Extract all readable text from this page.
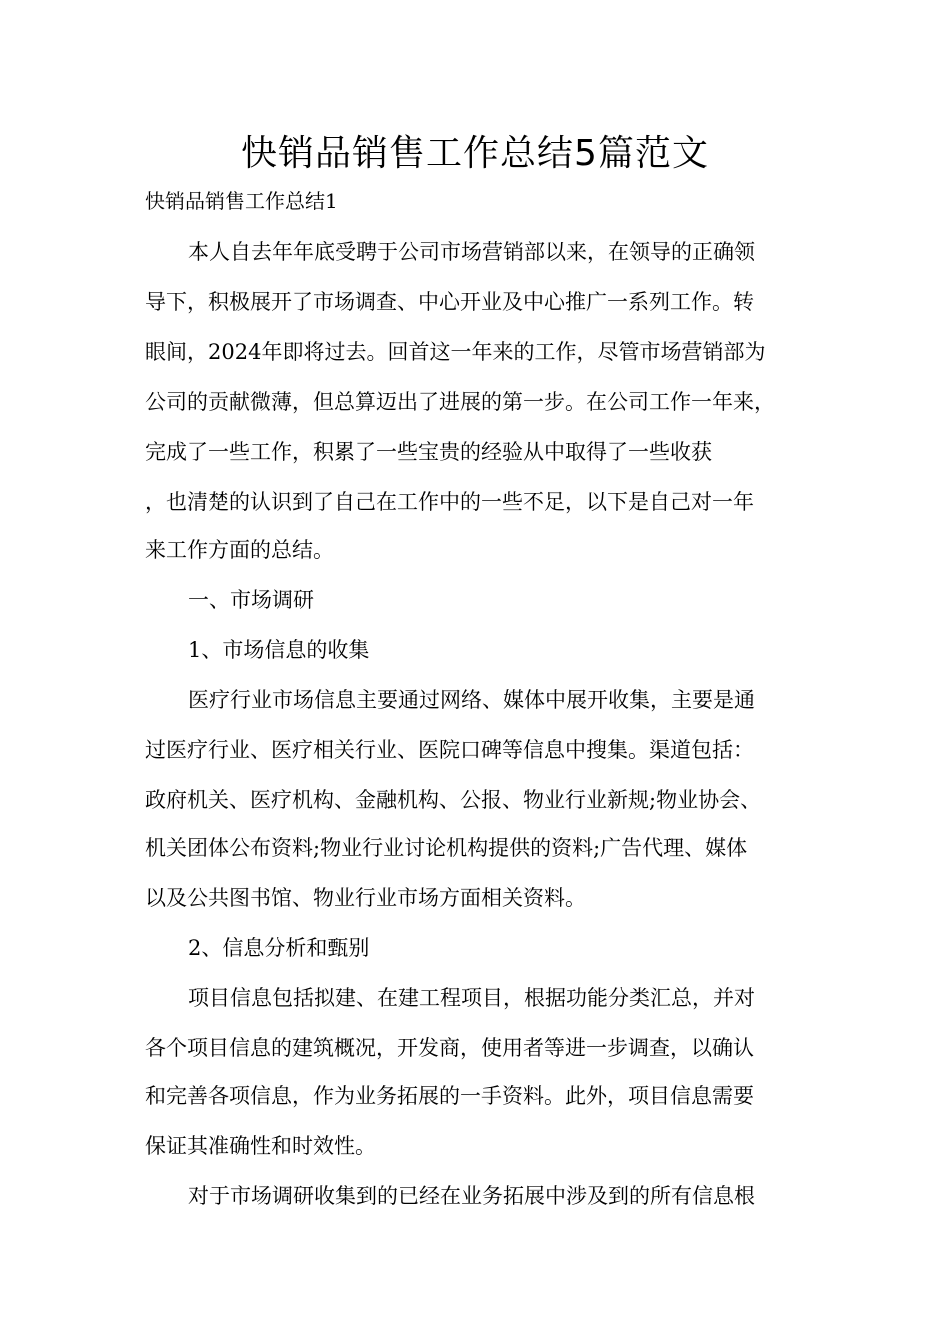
快销品销售工作总结5篇范文

快销品销售工作总结1

本人自去年年底受聘于公司市场营销部以来，在领导的正确领

导下，积极展开了市场调查、中心开业及中心推广一系列工作。转

眼间，2024年即将过去。回首这一年来的工作，尽管市场营销部为

公司的贡献微薄，但总算迈出了进展的第一步。在公司工作一年来，

完成了一些工作，积累了一些宝贵的经验从中取得了一些收获

，也清楚的认识到了自己在工作中的一些不足，以下是自己对一年

来工作方面的总结。

一、市场调研

1、市场信息的收集

医疗行业市场信息主要通过网络、媒体中展开收集，主要是通

过医疗行业、医疗相关行业、医院口碑等信息中搜集。渠道包括：

政府机关、医疗机构、金融机构、公报、物业行业新规;物业协会、

机关团体公布资料;物业行业讨论机构提供的资料;广告代理、媒体

以及公共图书馆、物业行业市场方面相关资料。

2、信息分析和甄别

项目信息包括拟建、在建工程项目，根据功能分类汇总，并对

各个项目信息的建筑概况，开发商，使用者等进一步调查，以确认

和完善各项信息，作为业务拓展的一手资料。此外，项目信息需要

保证其准确性和时效性。

对于市场调研收集到的已经在业务拓展中涉及到的所有信息根
